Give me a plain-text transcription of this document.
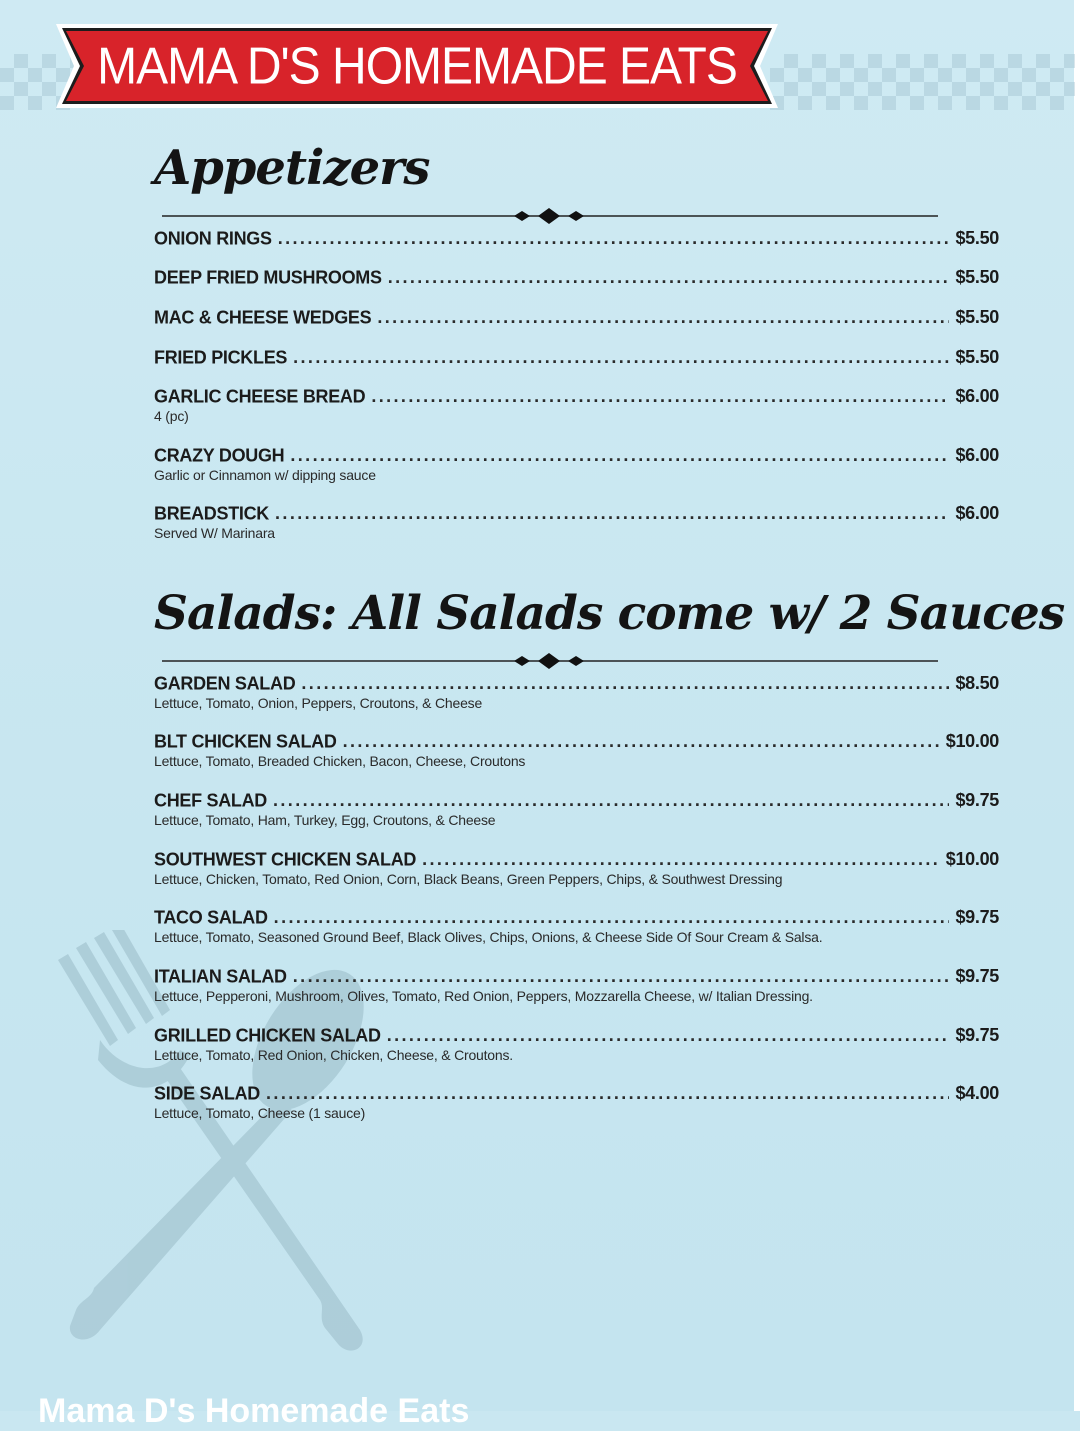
MAMA D'S HOMEMADE EATS
Appetizers
ONION RINGS .....	$5.50
DEEP FRIED MUSHROOMS .....	$5.50
MAC & CHEESE WEDGES .....	$5.50
FRIED PICKLES .....	$5.50
GARLIC CHEESE BREAD .....	$6.00
4 (pc)
CRAZY DOUGH .....	$6.00
Garlic or Cinnamon w/ dipping sauce
BREADSTICK .....	$6.00
Served W/ Marinara
Salads: All Salads come w/ 2 Sauces
GARDEN SALAD .....	$8.50
Lettuce, Tomato, Onion, Peppers, Croutons, & Cheese
BLT CHICKEN SALAD .....	$10.00
Lettuce, Tomato, Breaded Chicken, Bacon, Cheese, Croutons
CHEF SALAD .....	$9.75
Lettuce, Tomato, Ham, Turkey, Egg, Croutons, & Cheese
SOUTHWEST CHICKEN SALAD .....	$10.00
Lettuce, Chicken, Tomato, Red Onion, Corn, Black Beans, Green Peppers, Chips, & Southwest Dressing
TACO SALAD .....	$9.75
Lettuce, Tomato, Seasoned Ground Beef, Black Olives, Chips, Onions, & Cheese Side Of Sour Cream & Salsa.
ITALIAN SALAD .....	$9.75
Lettuce, Pepperoni, Mushroom, Olives, Tomato, Red Onion, Peppers, Mozzarella Cheese, w/ Italian Dressing.
GRILLED CHICKEN SALAD .....	$9.75
Lettuce, Tomato, Red Onion, Chicken, Cheese, & Croutons.
SIDE SALAD .....	$4.00
Lettuce, Tomato, Cheese (1 sauce)
Mama D's Homemade Eats
